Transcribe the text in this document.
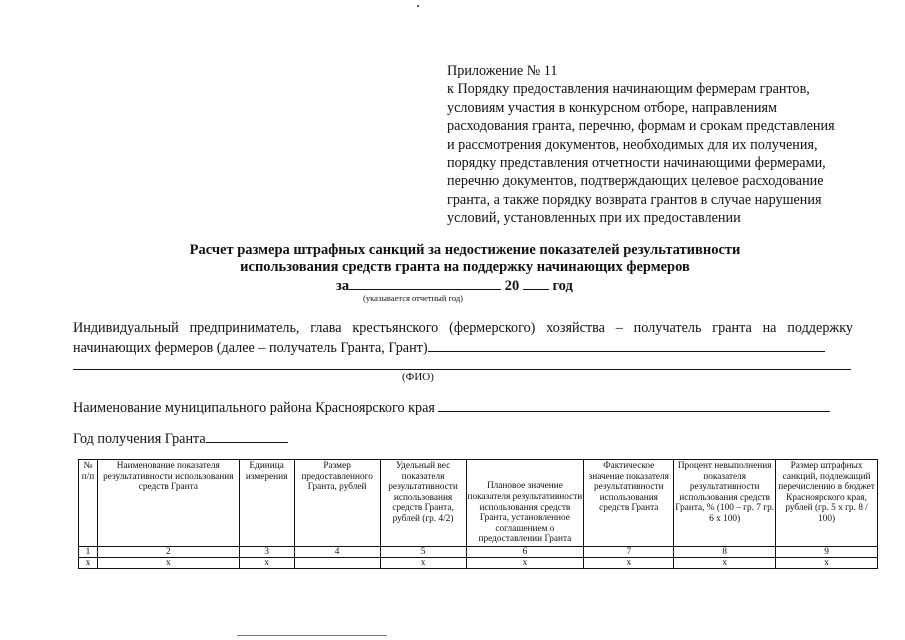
Приложение № 11
к Порядку предоставления начинающим фермерам грантов,
условиям участия в конкурсном отборе, направлениям
расходования гранта, перечню, формам и срокам представления
и рассмотрения документов, необходимых для их получения,
порядку представления отчетности начинающими фермерами,
перечню документов, подтверждающих целевое расходование
гранта, а также порядку возврата грантов в случае нарушения
условий, установленных при их предоставлении
Расчет размера штрафных санкций за недостижение показателей результативности
использования средств гранта на поддержку начинающих фермеров
за	20 год
(указывается отчетный год)
Индивидуальный предприниматель, глава крестьянского (фермерского) хозяйства – получатель гранта на поддержку
начинающих фермеров (далее – получатель Гранта, Грант)
(ФИО)
Наименование муниципального района Красноярского края
Год получения Гранта
№ п/п	Наименование показателя результативности использования средств Гранта	Единица измерения	Размер предоставленного Гранта, рублей	Удельный вес показателя результативности использования средств Гранта, рублей (гр. 4/2)	Плановое значение показателя результативности использования средств Гранта, установленное соглашением о предоставлении Гранта	Фактическое значение показателя результативности использования средств Гранта	Процент невыполнения показателя результативности использования средств Гранта, % (100 – гр. 7 гр. 6 х 100)	Размер штрафных санкций, подлежащий перечислению в бюджет Красноярского края, рублей (гр. 5 х гр. 8 / 100)
1	2	3	4	5	6	7	8	9
х	х	х		х	х	х	х	х
